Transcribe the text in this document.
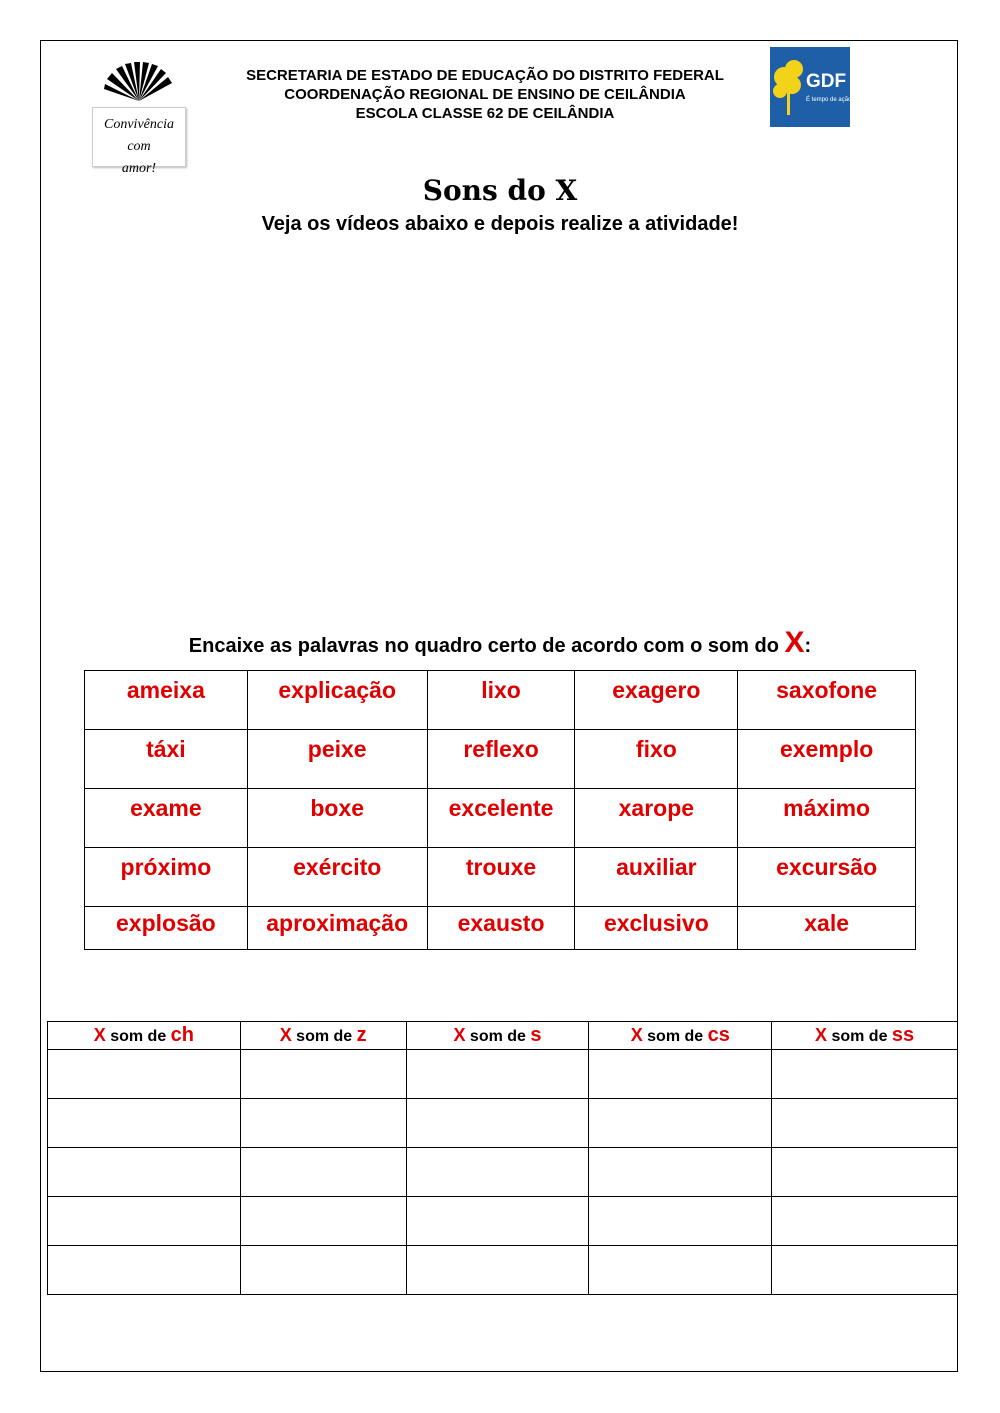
Convivência com
amor!
SECRETARIA DE ESTADO DE EDUCAÇÃO DO DISTRITO FEDERAL
COORDENAÇÃO REGIONAL DE ENSINO DE CEILÂNDIA
ESCOLA CLASSE 62 DE CEILÂNDIA
GDF
É tempo de ação.
Sons do X
Veja os vídeos abaixo e depois realize a atividade!
Encaixe as palavras no quadro certo de acordo com o som do X:
ameixa	explicação	lixo	exagero	saxofone
táxi	peixe	reflexo	fixo	exemplo
exame	boxe	excelente	xarope	máximo
próximo	exército	trouxe	auxiliar	excursão
explosão	aproximação	exausto	exclusivo	xale
X som de ch	X som de z	X som de s	X som de cs	X som de ss
